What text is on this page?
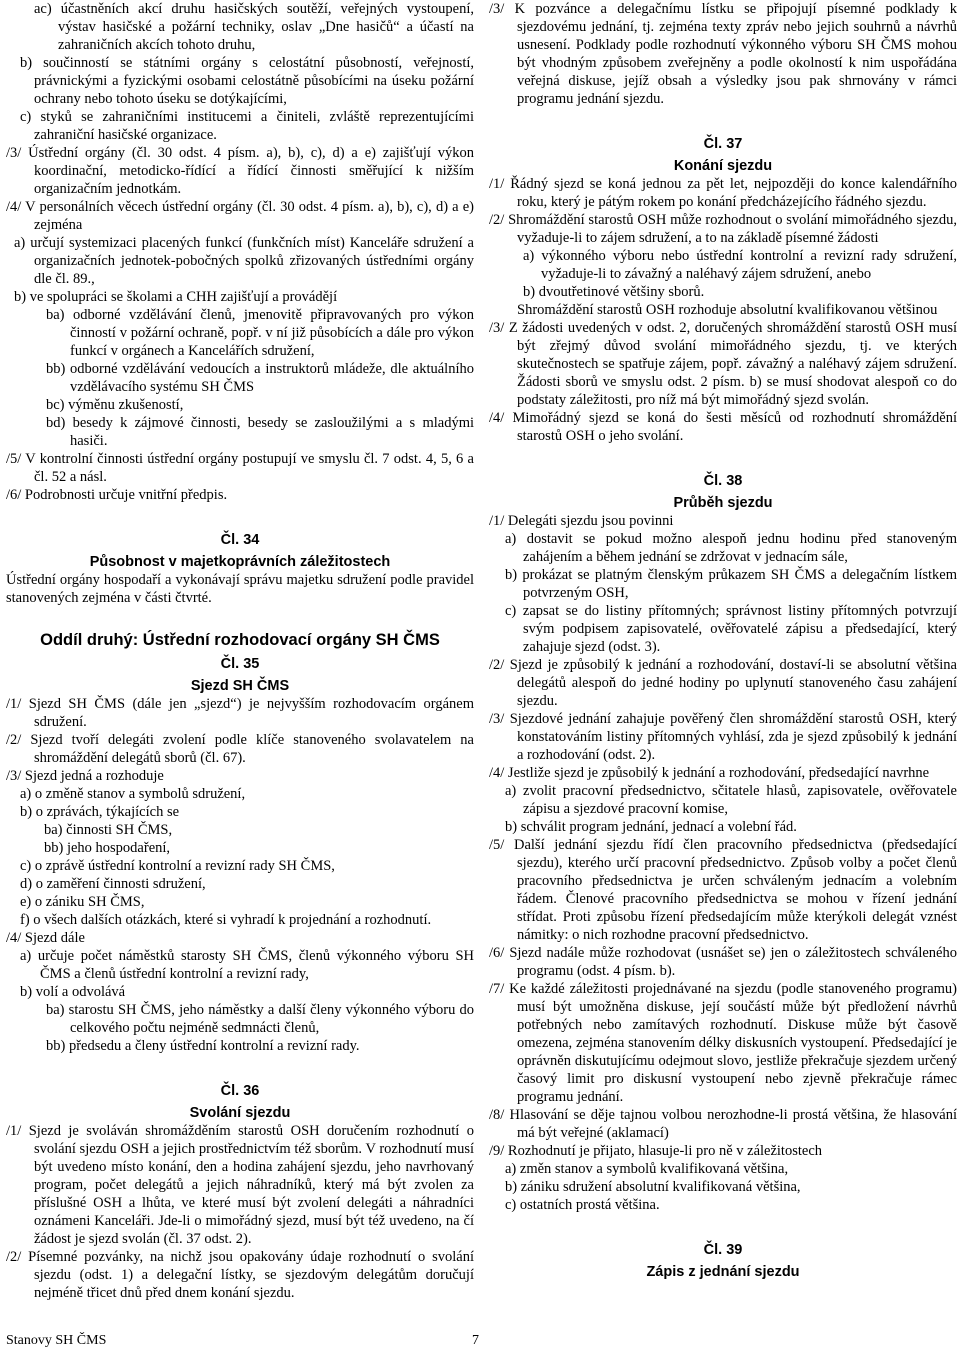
ac) účastněních akcí druhu hasičských soutěží, veřejných vystoupení, výstav hasičské a požární techniky, oslav „Dne hasičů“ a účastí na zahraničních akcích tohoto druhu,

b) součinností se státními orgány s celostátní působností, veřejností, právnickými a fyzickými osobami celostátně působícími na úseku požární ochrany nebo tohoto úseku se dotýkajícími,

c) styků se zahraničními institucemi a činiteli, zvláště reprezentujícími zahraniční hasičské organizace.

/3/ Ústřední orgány (čl. 30 odst. 4 písm. a), b), c), d) a e) zajišťují výkon koordinační, metodicko-řídící a řídící činnosti směřující k nižším organizačním jednotkám.

/4/ V personálních věcech ústřední orgány (čl. 30 odst. 4 písm. a), b), c), d) a e) zejména

a) určují systemizaci placených funkcí (funkčních míst) Kanceláře sdružení a organizačních jednotek-pobočných spolků zřizovaných ústředními orgány dle čl. 89.,

b) ve spolupráci se školami a CHH zajišťují a provádějí

ba) odborné vzdělávání členů, jmenovitě připravovaných pro výkon činností v požární ochraně, popř. v ní již působících a dále pro výkon funkcí v orgánech a Kancelářích sdružení,

bb) odborné vzdělávání vedoucích a instruktorů mládeže, dle aktuálního vzdělávacího systému SH ČMS

bc) výměnu zkušeností,

bd) besedy k zájmové činnosti, besedy se zasloužilými a s mladými hasiči.

/5/ V kontrolní činnosti ústřední orgány postupují ve smyslu čl. 7 odst. 4, 5, 6 a čl. 52 a násl.

/6/ Podrobnosti určuje vnitřní předpis.

Čl. 34

Působnost v majetkoprávních záležitostech

Ústřední orgány hospodaří a vykonávají správu majetku sdružení podle pravidel stanovených zejména v části čtvrté.

Oddíl druhý: Ústřední rozhodovací orgány SH ČMS

Čl. 35

Sjezd SH ČMS

/1/ Sjezd SH ČMS (dále jen „sjezd“) je nejvyšším rozhodovacím orgánem sdružení.

/2/ Sjezd tvoří delegáti zvolení podle klíče stanoveného svolavatelem na shromáždění delegátů sborů (čl. 67).

/3/ Sjezd jedná a rozhoduje

a) o změně stanov a symbolů sdružení,

b) o zprávách, týkajících se

ba) činnosti SH ČMS,

bb) jeho hospodaření,

c) o zprávě ústřední kontrolní a revizní rady SH ČMS,

d) o zaměření činnosti sdružení,

e) o zániku SH ČMS,

f) o všech dalších otázkách, které si vyhradí k projednání a rozhodnutí.

/4/ Sjezd dále

a) určuje počet náměstků starosty SH ČMS, členů výkonného výboru SH ČMS a členů ústřední kontrolní a revizní rady,

b) volí a odvolává

ba) starostu SH ČMS, jeho náměstky a další členy výkonného výboru do celkového počtu nejméně sedmnácti členů,

bb) předsedu a členy ústřední kontrolní a revizní rady.

Čl. 36

Svolání sjezdu

/1/ Sjezd je svoláván shromážděním starostů OSH doručením rozhodnutí o svolání sjezdu OSH a jejich prostřednictvím též sborům. V rozhodnutí musí být uvedeno místo konání, den a hodina zahájení sjezdu, jeho navrhovaný program, počet delegátů a jejich náhradníků, který má být zvolen za příslušné OSH a lhůta, ve které musí být zvolení delegáti a náhradníci oznámeni Kanceláři. Jde-li o mimořádný sjezd, musí být též uvedeno, na čí žádost je sjezd svolán (čl. 37 odst. 2).

/2/ Písemné pozvánky, na nichž jsou opakovány údaje rozhodnutí o svolání sjezdu (odst. 1) a delegační lístky, se sjezdovým delegátům doručují nejméně třicet dnů před dnem konání sjezdu.

/3/ K pozvánce a delegačnímu lístku se připojují písemné podklady k sjezdovému jednání, tj. zejména texty zpráv nebo jejich souhrnů a návrhů usnesení. Podklady podle rozhodnutí výkonného výboru SH ČMS mohou být vhodným způsobem zveřejněny a podle okolností k nim uspořádána veřejná diskuse, jejíž obsah a výsledky jsou pak shrnovány v rámci programu jednání sjezdu.

Čl. 37

Konání sjezdu

/1/ Řádný sjezd se koná jednou za pět let, nejpozději do konce kalendářního roku, který je pátým rokem po konání předcházejícího řádného sjezdu.

/2/ Shromáždění starostů OSH může rozhodnout o svolání mimořádného sjezdu, vyžaduje-li to zájem sdružení, a to na základě písemné žádosti

a) výkonného výboru nebo ústřední kontrolní a revizní rady sdružení, vyžaduje-li to závažný a naléhavý zájem sdružení, anebo

b) dvoutřetinové většiny sborů.

Shromáždění starostů OSH rozhoduje absolutní kvalifikovanou většinou

/3/ Z žádosti uvedených v odst. 2, doručených shromáždění starostů OSH musí být zřejmý důvod svolání mimořádného sjezdu, tj. ve kterých skutečnostech se spatřuje zájem, popř. závažný a naléhavý zájem sdružení. Žádosti sborů ve smyslu odst. 2 písm. b) se musí shodovat alespoň co do podstaty záležitosti, pro níž má být mimořádný sjezd svolán.

/4/ Mimořádný sjezd se koná do šesti měsíců od rozhodnutí shromáždění starostů OSH o jeho svolání.

Čl. 38

Průběh sjezdu

/1/ Delegáti sjezdu jsou povinni

a) dostavit se pokud možno alespoň jednu hodinu před stanoveným zahájením a během jednání se zdržovat v jednacím sále,

b) prokázat se platným členským průkazem SH ČMS a delegačním lístkem potvrzeným OSH,

c) zapsat se do listiny přítomných; správnost listiny přítomných potvrzují svým podpisem zapisovatelé, ověřovatelé zápisu a předsedající, který zahajuje sjezd (odst. 3).

/2/ Sjezd je způsobilý k jednání a rozhodování, dostaví-li se absolutní většina delegátů alespoň do jedné hodiny po uplynutí stanoveného času zahájení sjezdu.

/3/ Sjezdové jednání zahajuje pověřený člen shromáždění starostů OSH, který konstatováním listiny přítomných vyhlásí, zda je sjezd způsobilý k jednání a rozhodování (odst. 2).

/4/ Jestliže sjezd je způsobilý k jednání a rozhodování, předsedající navrhne

a) zvolit pracovní předsednictvo, sčitatele hlasů, zapisovatele, ověřovatele zápisu a sjezdové pracovní komise,

b) schválit program jednání, jednací a volební řád.

/5/ Další jednání sjezdu řídí člen pracovního předsednictva (předsedající sjezdu), kterého určí pracovní předsednictvo. Způsob volby a počet členů pracovního předsednictva je určen schváleným jednacím a volebním řádem. Členové pracovního předsednictva se mohou v řízení jednání střídat. Proti způsobu řízení předsedajícím může kterýkoli delegát vznést námitky: o nich rozhodne pracovní předsednictvo.

/6/ Sjezd nadále může rozhodovat (usnášet se) jen o záležitostech schváleného programu (odst. 4 písm. b).

/7/ Ke každé záležitosti projednávané na sjezdu (podle stanoveného programu) musí být umožněna diskuse, její součástí může být předložení návrhů potřebných nebo zamítavých rozhodnutí. Diskuse může být časově omezena, zejména stanovením délky diskusních vystoupení. Předsedající je oprávněn diskutujícímu odejmout slovo, jestliže překračuje sjezdem určený časový limit pro diskusní vystoupení nebo zjevně překračuje rámec programu jednání.

/8/ Hlasování se děje tajnou volbou nerozhodne-li prostá většina, že hlasování má být veřejné (aklamací)

/9/ Rozhodnutí je přijato, hlasuje-li pro ně v záležitostech

a) změn stanov a symbolů kvalifikovaná většina,

b) zániku sdružení absolutní kvalifikovaná většina,

c) ostatních prostá většina.

Čl. 39

Zápis z jednání sjezdu

Stanovy SH ČMS	7
